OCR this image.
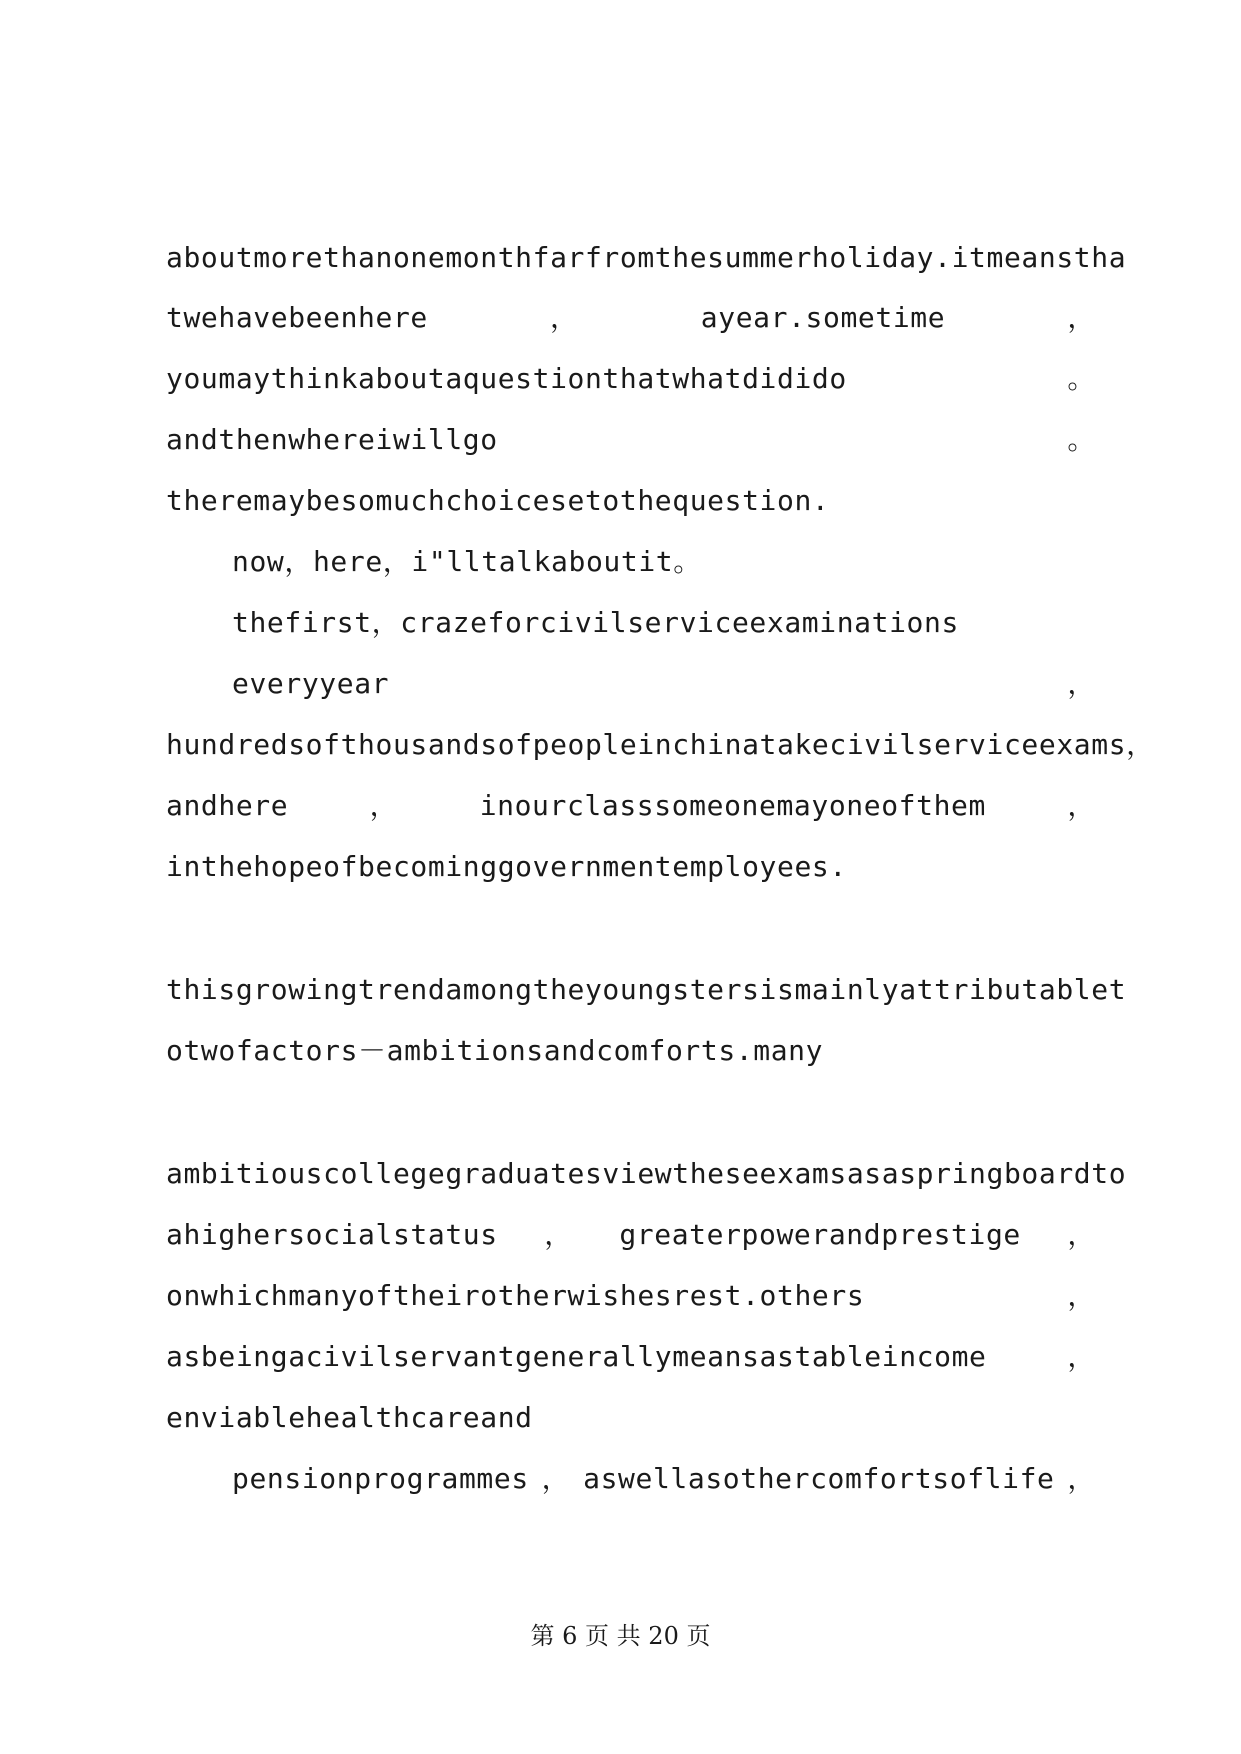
aboutmorethanonemonthfarfromthesummerholiday.itmeanstha
twehavebeenhere	，	ayear.sometime	，
youmaythinkaboutaquestionthatwhatdidido	。
andthenwhereiwillgo	。
theremaybesomuchchoicesetothequestion.
now，here，i"lltalkaboutit。
thefirst，crazeforcivilserviceexaminations
everyyear	，
hundredsofthousandsofpeopleinchinatakecivilserviceexams，
andhere	，	inourclasssomeonemayoneofthem	，
inthehopeofbecominggovernmentemployees.
thisgrowingtrendamongtheyoungstersismainlyattributablet
otwofactors－ambitionsandcomforts.many
ambitiouscollegegraduatesviewtheseexamsasaspringboardto
ahighersocialstatus ， greaterpowerandprestige ，
onwhichmanyoftheirotherwishesrest.others	，
asbeingacivilservantgenerallymeansastableincome	，
enviablehealthcareand
pensionprogrammes ， aswellasothercomfortsoflife ，
第 6 页 共 20 页
